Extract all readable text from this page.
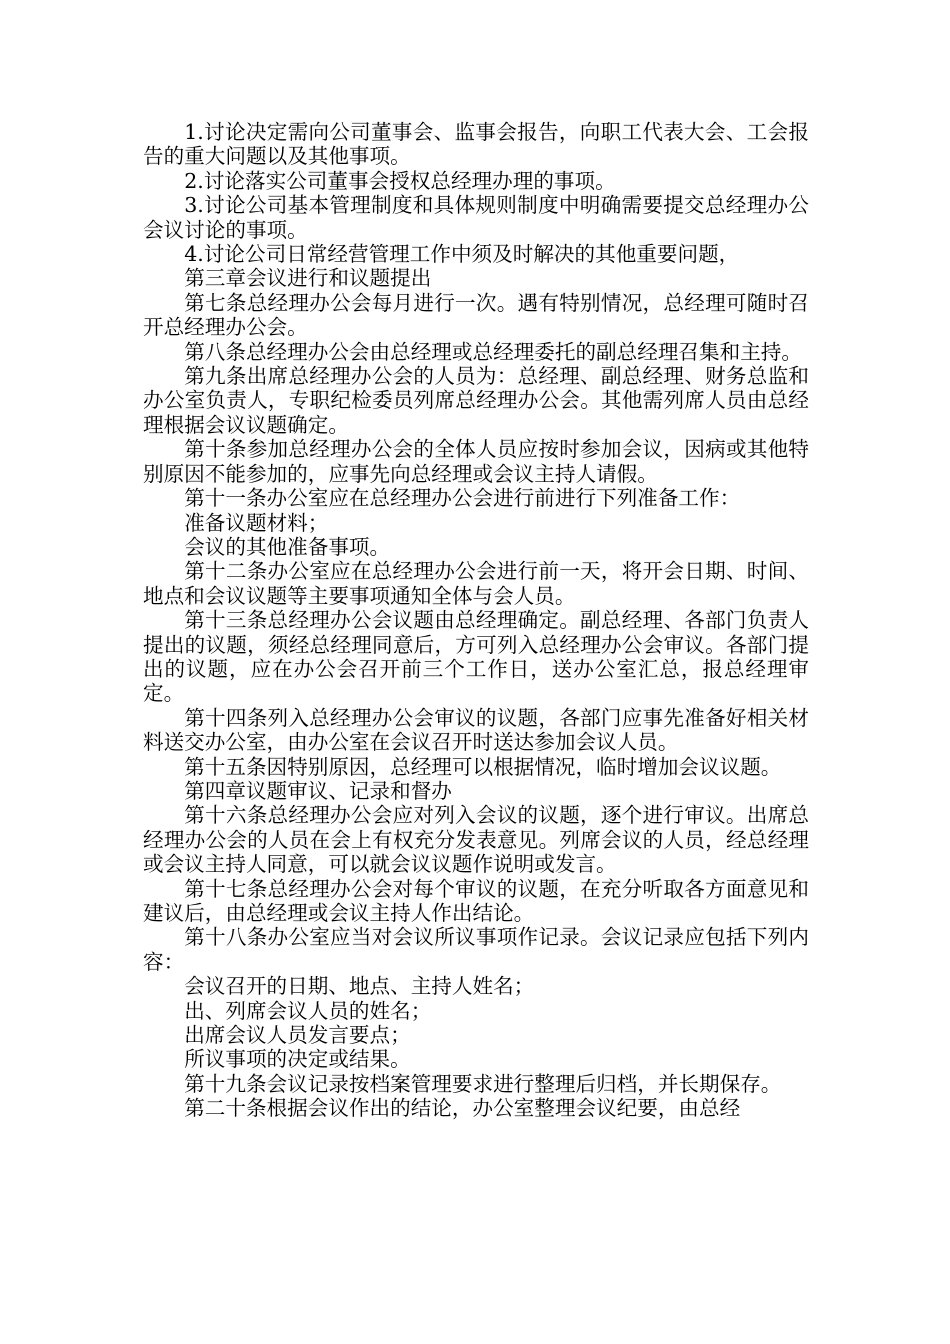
1.讨论决定需向公司董事会、监事会报告，向职工代表大会、工会报告的重大问题以及其他事项。

2.讨论落实公司董事会授权总经理办理的事项。

3.讨论公司基本管理制度和具体规则制度中明确需要提交总经理办公会议讨论的事项。

4.讨论公司日常经营管理工作中须及时解决的其他重要问题，

第三章会议进行和议题提出

第七条总经理办公会每月进行一次。遇有特别情况，总经理可随时召开总经理办公会。

第八条总经理办公会由总经理或总经理委托的副总经理召集和主持。

第九条出席总经理办公会的人员为：总经理、副总经理、财务总监和办公室负责人，专职纪检委员列席总经理办公会。其他需列席人员由总经理根据会议议题确定。

第十条参加总经理办公会的全体人员应按时参加会议，因病或其他特别原因不能参加的，应事先向总经理或会议主持人请假。

第十一条办公室应在总经理办公会进行前进行下列准备工作：

准备议题材料；

会议的其他准备事项。

第十二条办公室应在总经理办公会进行前一天，将开会日期、时间、地点和会议议题等主要事项通知全体与会人员。

第十三条总经理办公会议题由总经理确定。副总经理、各部门负责人提出的议题，须经总经理同意后，方可列入总经理办公会审议。各部门提出的议题，应在办公会召开前三个工作日，送办公室汇总，报总经理审定。

第十四条列入总经理办公会审议的议题，各部门应事先准备好相关材料送交办公室，由办公室在会议召开时送达参加会议人员。

第十五条因特别原因，总经理可以根据情况，临时增加会议议题。

第四章议题审议、记录和督办

第十六条总经理办公会应对列入会议的议题，逐个进行审议。出席总经理办公会的人员在会上有权充分发表意见。列席会议的人员，经总经理或会议主持人同意，可以就会议议题作说明或发言。

第十七条总经理办公会对每个审议的议题，在充分听取各方面意见和建议后，由总经理或会议主持人作出结论。

第十八条办公室应当对会议所议事项作记录。会议记录应包括下列内容：

会议召开的日期、地点、主持人姓名；

出、列席会议人员的姓名；

出席会议人员发言要点；

所议事项的决定或结果。

第十九条会议记录按档案管理要求进行整理后归档，并长期保存。

第二十条根据会议作出的结论，办公室整理会议纪要，由总经
